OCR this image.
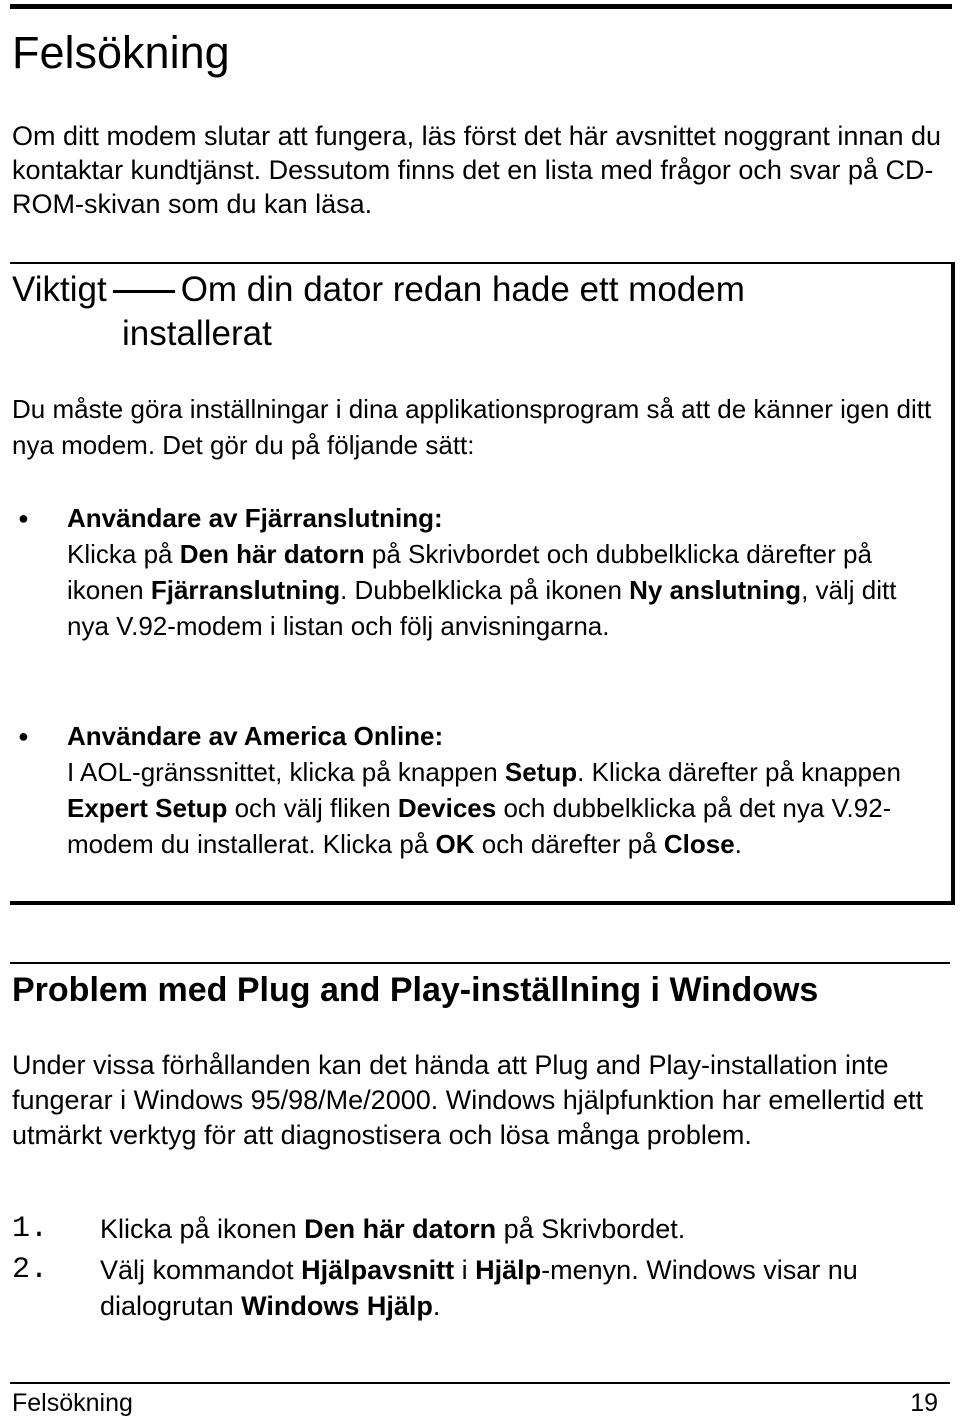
Felsökning

Om ditt modem slutar att fungera, läs först det här avsnittet noggrant innan du kontaktar kundtjänst. Dessutom finns det en lista med frågor och svar på CD-ROM-skivan som du kan läsa.

Viktigt Om din dator redan hade ett modem
installerat

Du måste göra inställningar i dina applikationsprogram så att de känner igen ditt nya modem. Det gör du på följande sätt:

● Användare av Fjärranslutning:
Klicka på Den här datorn på Skrivbordet och dubbelklicka därefter på ikonen Fjärranslutning. Dubbelklicka på ikonen Ny anslutning, välj ditt nya V.92-modem i listan och följ anvisningarna.
● Användare av America Online:
I AOL-gränssnittet, klicka på knappen Setup. Klicka därefter på knappen Expert Setup och välj fliken Devices och dubbelklicka på det nya V.92-modem du installerat. Klicka på OK och därefter på Close.
Problem med Plug and Play-inställning i Windows

Under vissa förhållanden kan det hända att Plug and Play-installation inte fungerar i Windows 95/98/Me/2000. Windows hjälpfunktion har emellertid ett utmärkt verktyg för att diagnostisera och lösa många problem.

1. Klicka på ikonen Den här datorn på Skrivbordet.
2. Välj kommandot Hjälpavsnitt i Hjälp-menyn. Windows visar nu dialogrutan Windows Hjälp.
Felsökning	19
